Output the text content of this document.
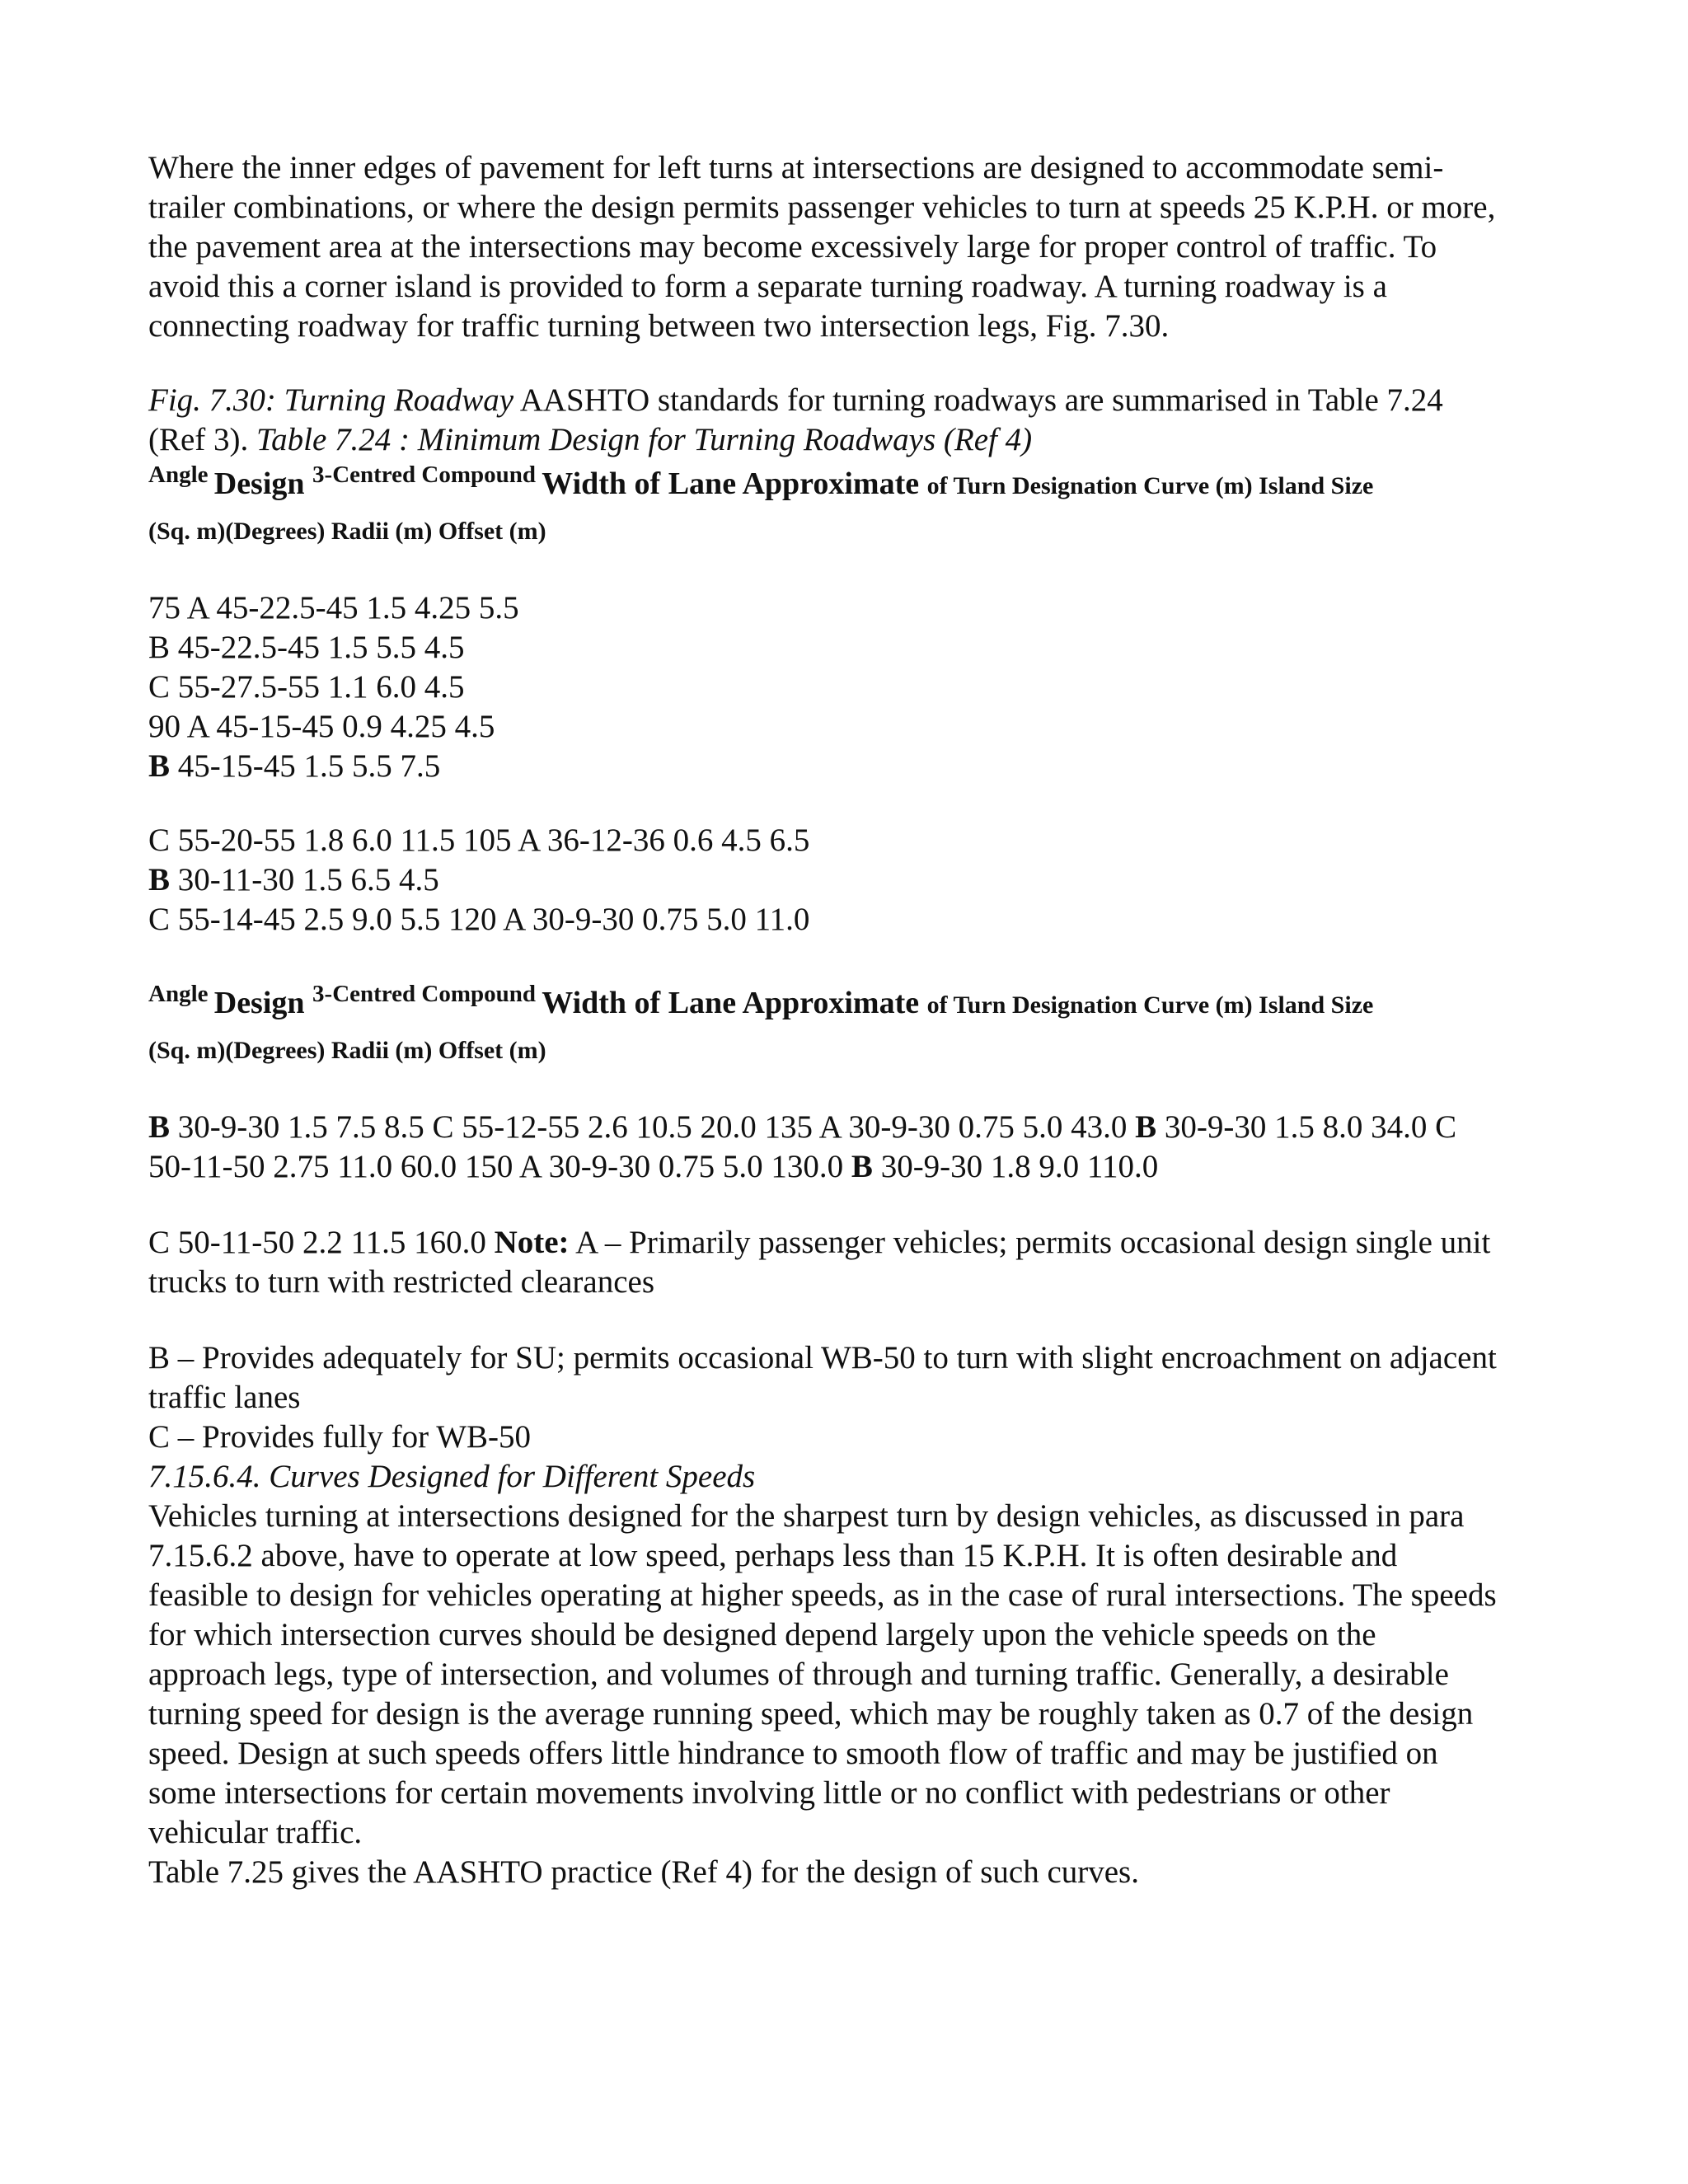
Where the inner edges of pavement for left turns at intersections are designed to accommodate semi-

trailer combinations, or where the design permits passenger vehicles to turn at speeds 25 K.P.H. or more,

the pavement area at the intersections may become excessively large for proper control of traffic. To

avoid this a corner island is provided to form a separate turning roadway. A turning roadway is a

connecting roadway for traffic turning between two intersection legs, Fig. 7.30.

Fig. 7.30: Turning Roadway AASHTO standards for turning roadways are summarised in Table 7.24

(Ref 3). Table 7.24 : Minimum Design for Turning Roadways (Ref 4)

Angle Design 3-Centred Compound Width of Lane Approximate of Turn Designation Curve (m) Island Size
(Sq. m)(Degrees) Radii (m) Offset (m)

75 A 45-22.5-45 1.5 4.25 5.5

B 45-22.5-45 1.5 5.5 4.5

C 55-27.5-55 1.1 6.0 4.5

90 A 45-15-45 0.9 4.25 4.5

B 45-15-45 1.5 5.5 7.5

C 55-20-55 1.8 6.0 11.5 105 A 36-12-36 0.6 4.5 6.5

B 30-11-30 1.5 6.5 4.5

C 55-14-45 2.5 9.0 5.5 120 A 30-9-30 0.75 5.0 11.0

Angle Design 3-Centred Compound Width of Lane Approximate of Turn Designation Curve (m) Island Size
(Sq. m)(Degrees) Radii (m) Offset (m)

B 30-9-30 1.5 7.5 8.5 C 55-12-55 2.6 10.5 20.0 135 A 30-9-30 0.75 5.0 43.0 B 30-9-30 1.5 8.0 34.0 C

50-11-50 2.75 11.0 60.0 150 A 30-9-30 0.75 5.0 130.0 B 30-9-30 1.8 9.0 110.0

C 50-11-50 2.2 11.5 160.0 Note: A – Primarily passenger vehicles; permits occasional design single unit

trucks to turn with restricted clearances

B – Provides adequately for SU; permits occasional WB-50 to turn with slight encroachment on adjacent

traffic lanes

C – Provides fully for WB-50

7.15.6.4. Curves Designed for Different Speeds

Vehicles turning at intersections designed for the sharpest turn by design vehicles, as discussed in para

7.15.6.2 above, have to operate at low speed, perhaps less than 15 K.P.H. It is often desirable and

feasible to design for vehicles operating at higher speeds, as in the case of rural intersections. The speeds

for which intersection curves should be designed depend largely upon the vehicle speeds on the

approach legs, type of intersection, and volumes of through and turning traffic. Generally, a desirable

turning speed for design is the average running speed, which may be roughly taken as 0.7 of the design

speed. Design at such speeds offers little hindrance to smooth flow of traffic and may be justified on

some intersections for certain movements involving little or no conflict with pedestrians or other

vehicular traffic.

Table 7.25 gives the AASHTO practice (Ref 4) for the design of such curves.
